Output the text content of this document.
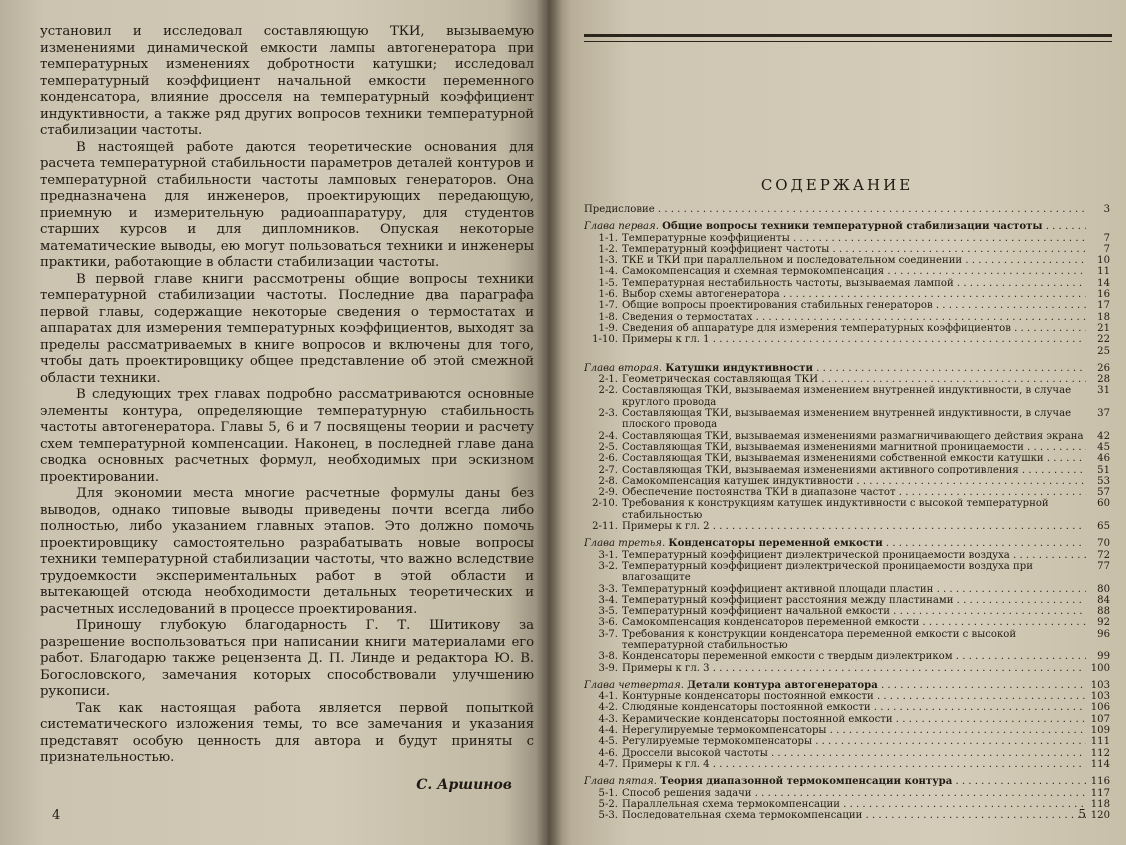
установил и исследовал составляющую ТКИ, вызываемую изменениями динамической емкости лампы автогенератора при температурных изменениях добротности катушки; исследовал температурный коэффициент начальной емкости переменного конденсатора, влияние дросселя на температурный коэффициент индуктивности, а также ряд других вопросов техники температурной стабилизации частоты.

В настоящей работе даются теоретические основания для расчета температурной стабильности параметров деталей контуров и температурной стабильности частоты ламповых генераторов. Она предназначена для инженеров, проектирующих передающую, приемную и измерительную радиоаппаратуру, для студентов старших курсов и для дипломников. Опуская некоторые математические выводы, ею могут пользоваться техники и инженеры практики, работающие в области стабилизации частоты.

В первой главе книги рассмотрены общие вопросы техники температурной стабилизации частоты. Последние два параграфа первой главы, содержащие некоторые сведения о термостатах и аппаратах для измерения температурных коэффициентов, выходят за пределы рассматриваемых в книге вопросов и включены для того, чтобы дать проектировщику общее представление об этой смежной области техники.

В следующих трех главах подробно рассматриваются основные элементы контура, определяющие температурную стабильность частоты автогенератора. Главы 5, 6 и 7 посвящены теории и расчету схем температурной компенсации. Наконец, в последней главе дана сводка основных расчетных формул, необходимых при эскизном проектировании.

Для экономии места многие расчетные формулы даны без выводов, однако типовые выводы приведены почти всегда либо полностью, либо указанием главных этапов. Это должно помочь проектировщику самостоятельно разрабатывать новые вопросы техники температурной стабилизации частоты, что важно вследствие трудоемкости экспериментальных работ в этой области и вытекающей отсюда необходимости детальных теоретических и расчетных исследований в процессе проектирования.

Приношу глубокую благодарность Г. Т. Шитикову за разрешение воспользоваться при написании книги материалами его работ. Благодарю также рецензента Д. П. Линде и редактора Ю. В. Богословского, замечания которых способствовали улучшению рукописи.

Так как настоящая работа является первой попыткой систематического изложения темы, то все замечания и указания представят особую ценность для автора и будут приняты с признательностью.

С. Аршинов
4
СОДЕРЖАНИЕ
Предисловие . . .	3
Глава первая. Общие вопросы техники температурной стабилизации частоты . . .
1-1. Температурные коэффициенты . . .	7
1-2. Температурный коэффициент частоты . . .	7
1-3. ТКЕ и ТКИ при параллельном и последовательном соединении . . .	10
1-4. Самокомпенсация и схемная термокомпенсация . . .	11
1-5. Температурная нестабильность частоты, вызываемая лампой . . .	14
1-6. Выбор схемы автогенератора . . .	16
1-7. Общие вопросы проектирования стабильных генераторов . . .	17
1-8. Сведения о термостатах . . .	18
1-9. Сведения об аппаратуре для измерения температурных коэффициентов . . .	21
1-10. Примеры к гл. 1 . . .	22
25
Глава вторая. Катушки индуктивности . . .	26
2-1. Геометрическая составляющая ТКИ . . .	28
2-2. Составляющая ТКИ, вызываемая изменением внутренней индуктивности, в случае круглого провода
31
2-3. Составляющая ТКИ, вызываемая изменением внутренней индуктивности, в случае плоского провода
37
2-4. Составляющая ТКИ, вызываемая изменениями размагничивающего действия экрана	42
2-5. Составляющая ТКИ, вызываемая изменениями магнитной проницаемости . . .	45
2-6. Составляющая ТКИ, вызываемая изменениями собственной емкости катушки . . .	46
2-7. Составляющая ТКИ, вызываемая изменениями активного сопротивления . . .	51
2-8. Самокомпенсация катушек индуктивности . . .	53
2-9. Обеспечение постоянства ТКИ в диапазоне частот . . .	57
2-10. Требования к конструкциям катушек индуктивности с высокой температурной стабильностью
60
2-11. Примеры к гл. 2 . . .	65
Глава третья. Конденсаторы переменной емкости . . .	70
3-1. Температурный коэффициент диэлектрической проницаемости воздуха . . .	72
3-2. Температурный коэффициент диэлектрической проницаемости воздуха при влагозащите
77
3-3. Температурный коэффициент активной площади пластин . . .	80
3-4. Температурный коэффициент расстояния между пластинами . . .	84
3-5. Температурный коэффициент начальной емкости . . .	88
3-6. Самокомпенсация конденсаторов переменной емкости . . .	92
3-7. Требования к конструкции конденсатора переменной емкости с высокой температурной стабильностью
96
3-8. Конденсаторы переменной емкости с твердым диэлектриком . . .	99
3-9. Примеры к гл. 3 . . .	100
Глава четвертая. Детали контура автогенератора . . .	103
4-1. Контурные конденсаторы постоянной емкости . . .	103
4-2. Слюдяные конденсаторы постоянной емкости . . .	106
4-3. Керамические конденсаторы постоянной емкости . . .	107
4-4. Нерегулируемые термокомпенсаторы . . .	109
4-5. Регулируемые термокомпенсаторы . . .	111
4-6. Дроссели высокой частоты . . .	112
4-7. Примеры к гл. 4 . . .	114
Глава пятая. Теория диапазонной термокомпенсации контура . . .	116
5-1. Способ решения задачи . . .	117
5-2. Параллельная схема термокомпенсации . . .	118
5-3. Последовательная схема термокомпенсации . . .	120
5
